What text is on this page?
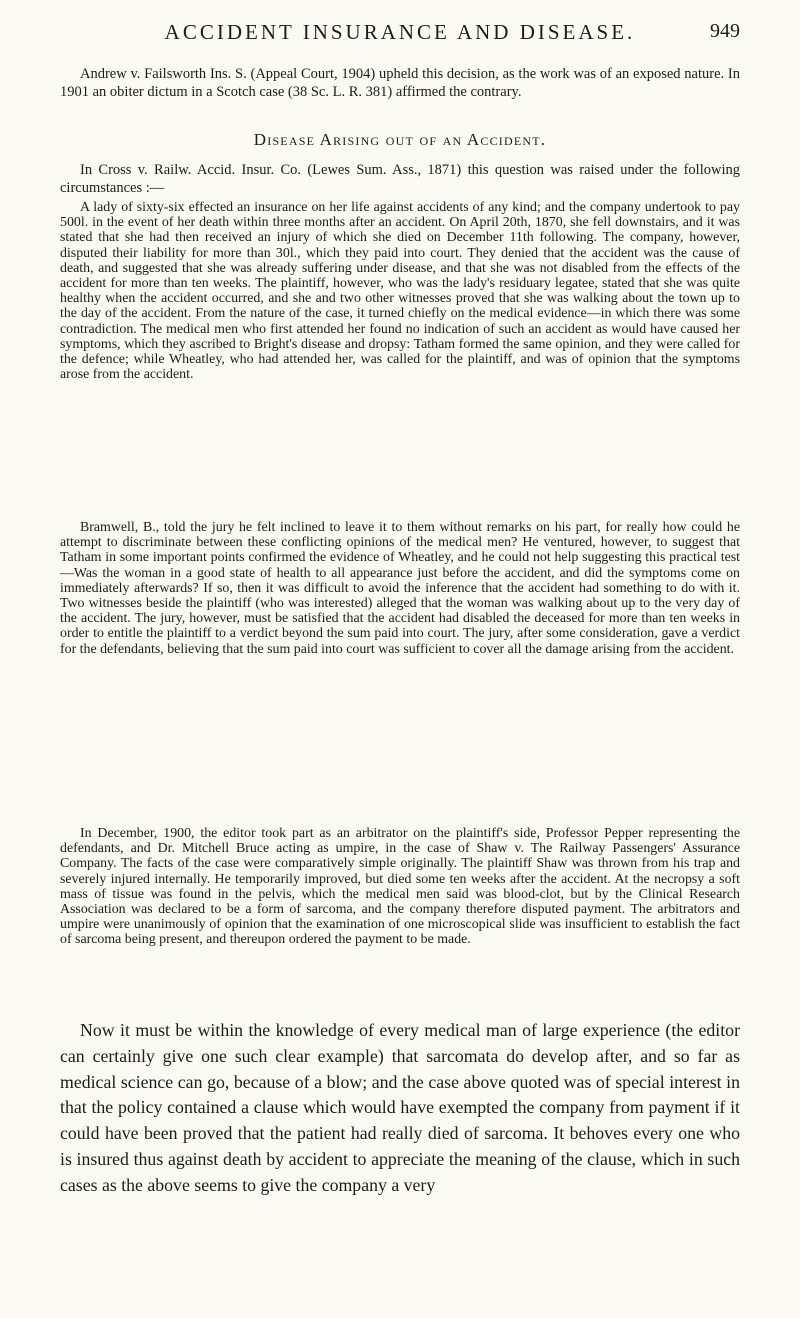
ACCIDENT INSURANCE AND DISEASE.	949

Andrew v. Failsworth Ins. S. (Appeal Court, 1904) upheld this decision, as the work was of an exposed nature. In 1901 an obiter dictum in a Scotch case (38 Sc. L. R. 381) affirmed the contrary.

Disease Arising out of an Accident.

In Cross v. Railw. Accid. Insur. Co. (Lewes Sum. Ass., 1871) this question was raised under the following circumstances :—

A lady of sixty-six effected an insurance on her life against accidents of any kind; and the company undertook to pay 500l. in the event of her death within three months after an accident. On April 20th, 1870, she fell downstairs, and it was stated that she had then received an injury of which she died on December 11th following. The company, however, disputed their liability for more than 30l., which they paid into court. They denied that the accident was the cause of death, and suggested that she was already suffering under disease, and that she was not disabled from the effects of the accident for more than ten weeks. The plaintiff, however, who was the lady's residuary legatee, stated that she was quite healthy when the accident occurred, and she and two other witnesses proved that she was walking about the town up to the day of the accident. From the nature of the case, it turned chiefly on the medical evidence—in which there was some contradiction. The medical men who first attended her found no indication of such an accident as would have caused her symptoms, which they ascribed to Bright's disease and dropsy: Tatham formed the same opinion, and they were called for the defence; while Wheatley, who had attended her, was called for the plaintiff, and was of opinion that the symptoms arose from the accident.

Bramwell, B., told the jury he felt inclined to leave it to them without remarks on his part, for really how could he attempt to discriminate between these conflicting opinions of the medical men? He ventured, however, to suggest that Tatham in some important points confirmed the evidence of Wheatley, and he could not help suggesting this practical test—Was the woman in a good state of health to all appearance just before the accident, and did the symptoms come on immediately afterwards? If so, then it was difficult to avoid the inference that the accident had something to do with it. Two witnesses beside the plaintiff (who was interested) alleged that the woman was walking about up to the very day of the accident. The jury, however, must be satisfied that the accident had disabled the deceased for more than ten weeks in order to entitle the plaintiff to a verdict beyond the sum paid into court. The jury, after some consideration, gave a verdict for the defendants, believing that the sum paid into court was sufficient to cover all the damage arising from the accident.

In December, 1900, the editor took part as an arbitrator on the plaintiff's side, Professor Pepper representing the defendants, and Dr. Mitchell Bruce acting as umpire, in the case of Shaw v. The Railway Passengers' Assurance Company. The facts of the case were comparatively simple originally. The plaintiff Shaw was thrown from his trap and severely injured internally. He temporarily improved, but died some ten weeks after the accident. At the necropsy a soft mass of tissue was found in the pelvis, which the medical men said was blood-clot, but by the Clinical Research Association was declared to be a form of sarcoma, and the company therefore disputed payment. The arbitrators and umpire were unanimously of opinion that the examination of one microscopical slide was insufficient to establish the fact of sarcoma being present, and thereupon ordered the payment to be made.

Now it must be within the knowledge of every medical man of large experience (the editor can certainly give one such clear example) that sarcomata do develop after, and so far as medical science can go, because of a blow; and the case above quoted was of special interest in that the policy contained a clause which would have exempted the company from payment if it could have been proved that the patient had really died of sarcoma. It behoves every one who is insured thus against death by accident to appreciate the meaning of the clause, which in such cases as the above seems to give the company a very
